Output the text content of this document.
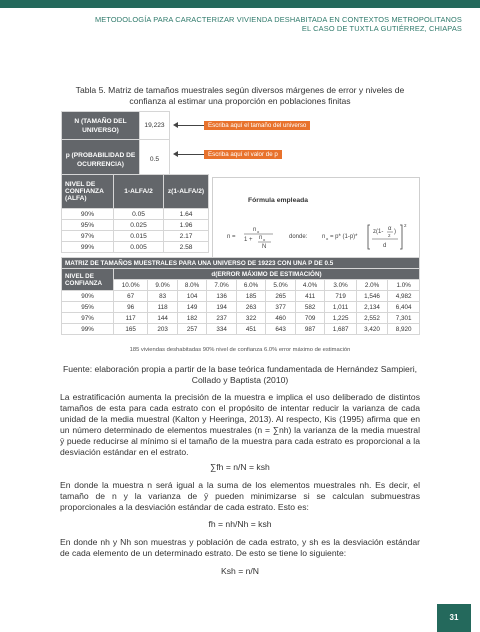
METODOLOGÍA PARA CARACTERIZAR VIVIENDA DESHABITADA EN CONTEXTOS METROPOLITANOS
EL CASO DE TUXTLA GUTIÉRREZ, CHIAPAS
Tabla 5. Matriz de tamaños muestrales según diversos márgenes de error y niveles de confianza al estimar una proporción en poblaciones finitas
N (TAMAÑO DEL UNIVERSO)	19,223
p (PROBABILIDAD DE OCURRENCIA)	0.5
Escriba aquí el tamaño del universo
Escriba aquí el valor de p
NIVEL DE CONFIANZA (ALFA)	1-ALFA/2	z(1-ALFA/2)
90%	0.05	1.64
95%	0.025	1.96
97%	0.015	2.17
99%	0.005	2.58
Fórmula empleada
n =
n o
1 + n o
N
donde: n o = p* (1-p)*
z(1- α
2
)
d
2
MATRIZ DE TAMAÑOS MUESTRALES PARA UNA UNIVERSO DE 19223 CON UNA P DE 0.5										
NIVEL DE CONFIANZA	d(ERROR MÁXIMO DE ESTIMACIÓN)									
	10.0%	9.0%	8.0%	7.0%	6.0%	5.0%	4.0%	3.0%	2.0%	1.0%
90%	67	83	104	136	185	265	411	719	1,546	4,982
95%	96	118	149	194	263	377	582	1,011	2,134	6,404
97%	117	144	182	237	322	460	709	1,225	2,552	7,301
99%	165	203	257	334	451	643	987	1,687	3,420	8,920
185 viviendas deshabitadas 90% nivel de confianza 6.0% error máximo de estimación
Fuente: elaboración propia a partir de la base teórica fundamentada de Hernández Sampieri, Collado y Baptista (2010)

La estratificación aumenta la precisión de la muestra e implica el uso deliberado de distintos tamaños de esta para cada estrato con el propósito de intentar reducir la varianza de cada unidad de la media muestral (Kalton y Heeringa, 2013). Al respecto, Kis (1995) afirma que en un número determinado de elementos muestrales (n = ∑nh) la varianza de la media muestral ȳ puede reducirse al mínimo si el tamaño de la muestra para cada estrato es proporcional a la desviación estándar en el estrato.

∑fh = n/N = ksh

En donde la muestra n será igual a la suma de los elementos muestrales nh. Es decir, el tamaño de n y la varianza de ȳ pueden minimizarse si se calculan submuestras proporcionales a la desviación estándar de cada estrato. Esto es:

fh = nh/Nh = ksh

En donde nh y Nh son muestras y población de cada estrato, y sh es la desviación estándar de cada elemento de un determinado estrato. De esto se tiene lo siguiente:

Ksh = n/N
31
